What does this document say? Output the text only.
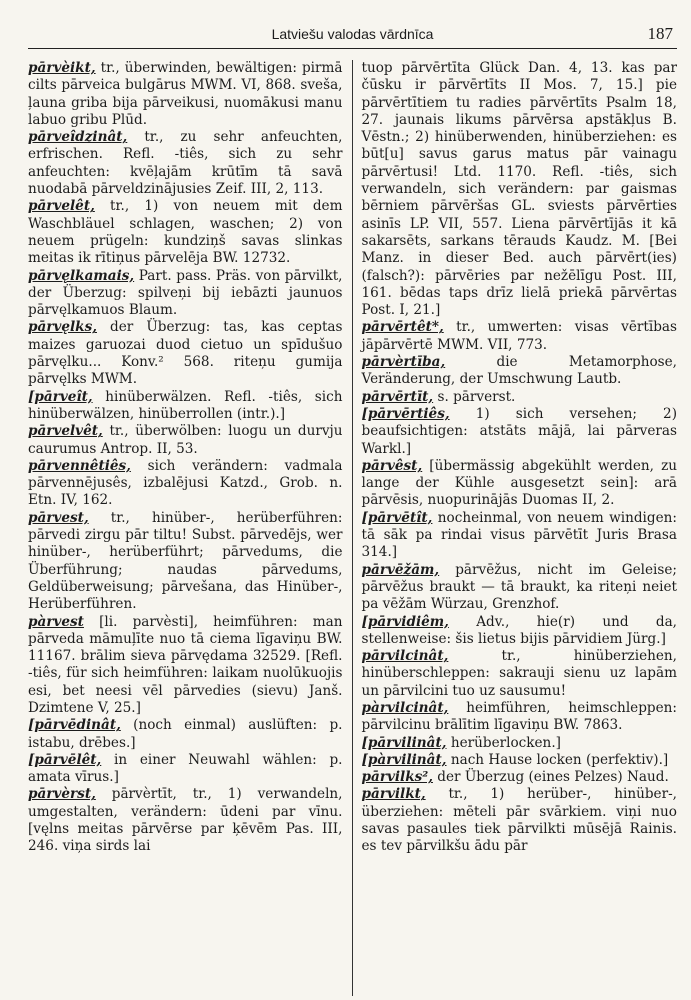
Latviešu valodas vārdnīca	187

pārvèikt, tr., überwinden, bewältigen: pirmā cilts pārveica bulgārus MWM. VI, 868. sveša, ļauna griba bija pārveikusi, nuomākusi manu labuo gribu Plūd.

pārveîdzinât, tr., zu sehr anfeuchten, erfrischen. Refl. -tiês, sich zu sehr anfeuchten: kvēļajām krūtīm tā savā nuodabā pārveldzinājusies Zeif. III, 2, 113.

pārvelêt, tr., 1) von neuem mit dem Waschbläuel schlagen, waschen; 2) von neuem prügeln: kundziņš savas slinkas meitas ik rītiņus pārvelēja BW. 12732.

pārvęlkamais, Part. pass. Präs. von pārvilkt, der Überzug: spilveņi bij iebāzti jaunuos pārvęlkamuos Blaum.

pārvęlks, der Überzug: tas, kas ceptas maizes garuozai duod cietuo un spīdušuo pārvęlku... Konv.² 568. riteņu gumija pārvęlks MWM.

[pārveît, hinüberwälzen. Refl. -tiês, sich hinüberwälzen, hinüberrollen (intr.).]

pārvelvêt, tr., überwölben: luogu un durvju caurumus Antrop. II, 53.

pārvennêtiês, sich verändern: vadmala pārvennējusês, izbalējusi Katzd., Grob. n. Etn. IV, 162.

pārvest, tr., hinüber-, herüberführen: pārvedi zirgu pār tiltu! Subst. pārvedējs, wer hinüber-, herüberführt; pārvedums, die Überführung; naudas pārvedums, Geldüberweisung; pārvešana, das Hinüber-, Herüberführen.

pàrvest [li. parvèsti], heimführen: man pārveda māmuļīte nuo tā ciema līgaviņu BW. 11167. brālim sieva pārvędama 32529. [Refl. -tiês, für sich heimführen: laikam nuolūkuojis esi, bet neesi vēl pārvedies (sievu) Janš. Dzimtene V, 25.]

[pārvēdinât, (noch einmal) auslüften: p. istabu, drēbes.]

[pārvēlêt, in einer Neuwahl wählen: p. amata vīrus.]

pārvèrst, pārvèrtīt, tr., 1) verwandeln, umgestalten, verändern: ūdeni par vīnu. [vęlns meitas pārvērse par ķēvēm Pas. III, 246. viņa sirds lai

tuop pārvērtīta Glück Dan. 4, 13. kas par čūsku ir pārvērtīts II Mos. 7, 15.] pie pārvērtītiem tu radies pārvērtīts Psalm 18, 27. jaunais likums pārvērsa apstākļus B. Vēstn.; 2) hinüberwenden, hinüberziehen: es būt[u] savus garus matus pār vainagu pārvērtusi! Ltd. 1170. Refl. -tiês, sich verwandeln, sich verändern: par gaismas bērniem pārvēršas GL. sviests pārvērties asinīs LP. VII, 557. Liena pārvērtījās it kā sakarsēts, sarkans tērauds Kaudz. M. [Bei Manz. in dieser Bed. auch pārvērt(ies) (falsch?): pārvēries par nežēlīgu Post. III, 161. bēdas taps drīz lielā priekā pārvērtas Post. I, 21.]

pārvērtêt*, tr., umwerten: visas vērtības jāpārvērtē MWM. VII, 773.

pārvèrtība, die Metamorphose, Veränderung, der Umschwung Lautb.

pārvērtīt, s. pārverst.

[pārvērtiês, 1) sich versehen; 2) beaufsichtigen: atstāts mājā, lai pārveras Warkl.]

pārvêst, [übermässig abgekühlt werden, zu lange der Kühle ausgesetzt sein]: arā pārvēsis, nuopurinājās Duomas II, 2.

[pārvētît, nocheinmal, von neuem windigen: tā sāk pa rindai visus pārvētīt Juris Brasa 314.]

pārvēžām, pārvēžus, nicht im Geleise; pārvēžus braukt — tā braukt, ka riteņi neiet pa vēžām Würzau, Grenzhof.

[pārvidiêm, Adv., hie(r) und da, stellenweise: šis lietus bijis pārvidiem Jürg.]

pārvilcinât, tr., hinüberziehen, hinüberschleppen: sakrauji sienu uz lapām un pārvilcini tuo uz sausumu!

pàrvilcinât, heimführen, heimschleppen: pārvilcinu brālītim līgaviņu BW. 7863.

[pārvilinât, herüberlocken.]

[pàrvilinât, nach Hause locken (perfektiv).]

pārvilks², der Überzug (eines Pelzes) Naud.

pārvilkt, tr., 1) herüber-, hinüber-, überziehen: mēteli pār svārkiem. viņi nuo savas pasaules tiek pārvilkti mūsējā Rainis. es tev pārvilkšu ādu pār
